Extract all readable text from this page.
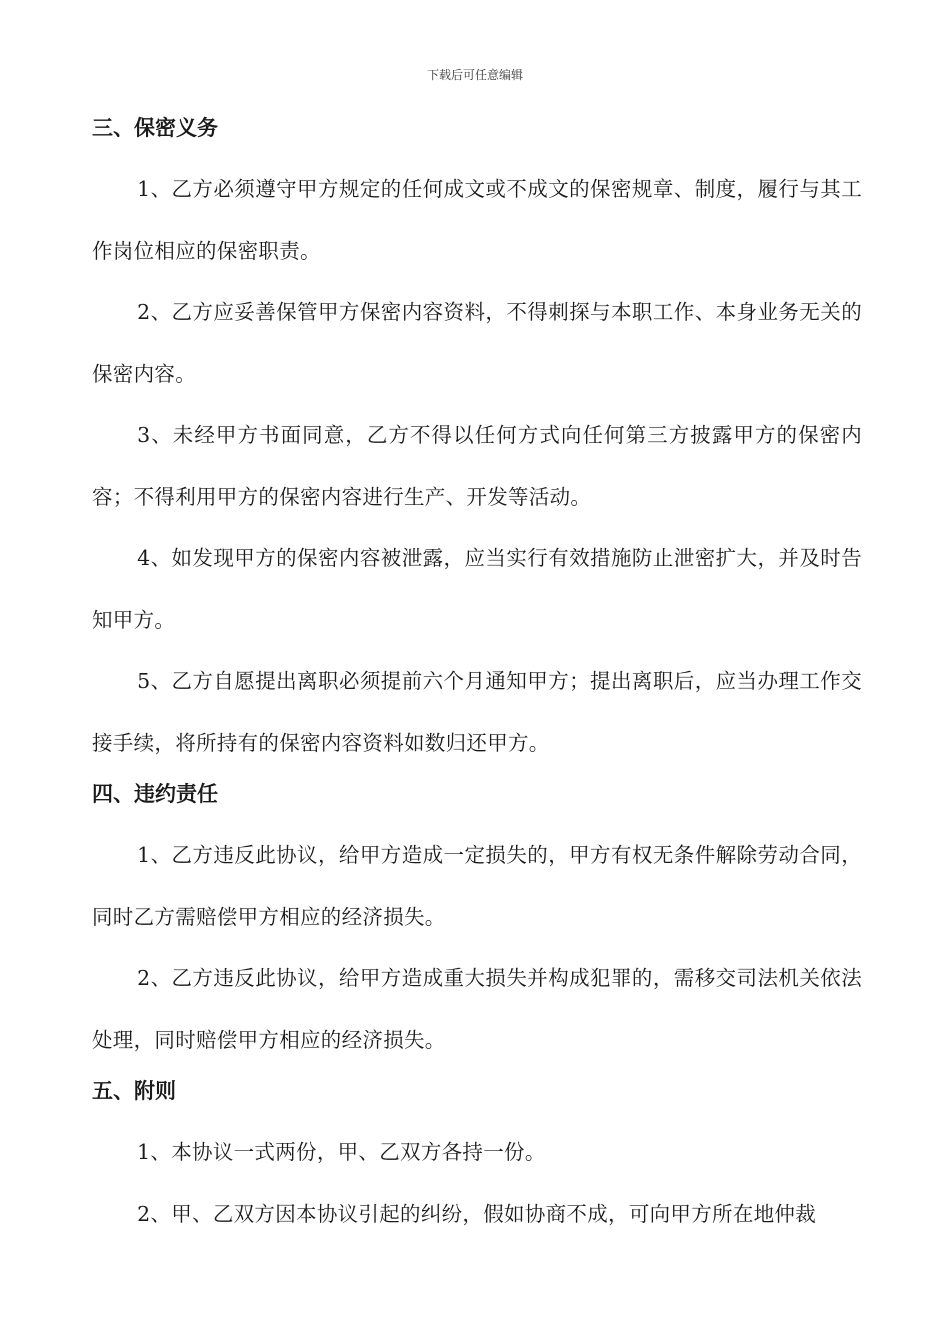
下载后可任意编辑
三、保密义务

1、乙方必须遵守甲方规定的任何成文或不成文的保密规章、制度，履行与其工作岗位相应的保密职责。

2、乙方应妥善保管甲方保密内容资料，不得刺探与本职工作、本身业务无关的保密内容。

3、未经甲方书面同意，乙方不得以任何方式向任何第三方披露甲方的保密内容；不得利用甲方的保密内容进行生产、开发等活动。

4、如发现甲方的保密内容被泄露，应当实行有效措施防止泄密扩大，并及时告知甲方。

5、乙方自愿提出离职必须提前六个月通知甲方；提出离职后，应当办理工作交接手续，将所持有的保密内容资料如数归还甲方。

四、违约责任

1、乙方违反此协议，给甲方造成一定损失的，甲方有权无条件解除劳动合同，同时乙方需赔偿甲方相应的经济损失。

2、乙方违反此协议，给甲方造成重大损失并构成犯罪的，需移交司法机关依法处理，同时赔偿甲方相应的经济损失。

五、附则

1、本协议一式两份，甲、乙双方各持一份。

2、甲、乙双方因本协议引起的纠纷，假如协商不成，可向甲方所在地仲裁
